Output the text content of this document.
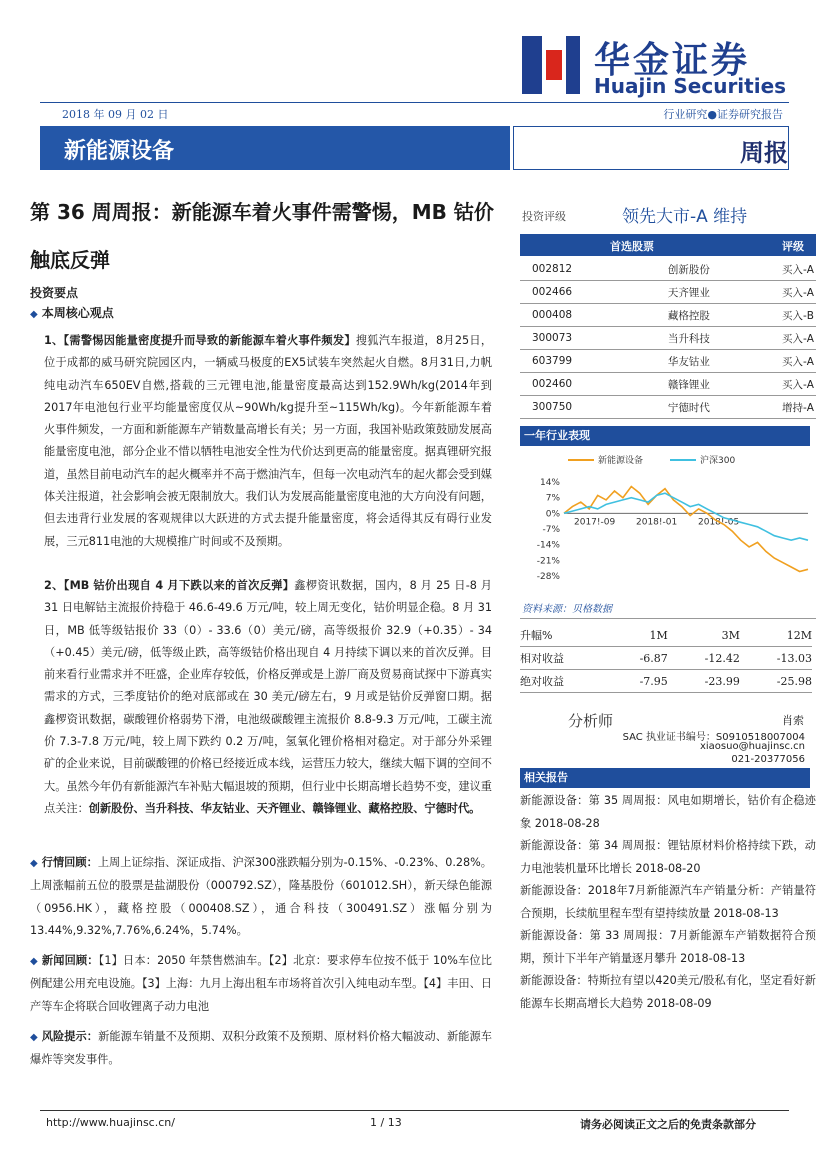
华金证券
Huajin Securities
2018 年 09 月 02 日	行业研究●证券研究报告
新能源设备	周报
第 36 周周报：新能源车着火事件需警惕，MB 钴价触底反弹
投资要点
◆ 本周核心观点
1、【需警惕因能量密度提升而导致的新能源车着火事件频发】搜狐汽车报道，8月25日，位于成都的威马研究院园区内，一辆威马极度的EX5试装车突然起火自燃。8月31日,力帆纯电动汽车650EV自燃,搭载的三元锂电池,能量密度最高达到152.9Wh/kg(2014年到2017年电池包行业平均能量密度仅从~90Wh/kg提升至~115Wh/kg)。今年新能源车着火事件频发，一方面和新能源车产销数量高增长有关；另一方面，我国补贴政策鼓励发展高能量密度电池，部分企业不惜以牺牲电池安全性为代价达到更高的能量密度。据真锂研究报道，虽然目前电动汽车的起火概率并不高于燃油汽车，但每一次电动汽车的起火都会受到媒体关注报道，社会影响会被无限制放大。我们认为发展高能量密度电池的大方向没有问题，但去违背行业发展的客观规律以大跃进的方式去提升能量密度，将会适得其反有碍行业发展，三元811电池的大规模推广时间或不及预期。
2、【MB 钴价出现自 4 月下跌以来的首次反弹】鑫椤资讯数据，国内，8 月 25 日-8 月 31 日电解钴主流报价持稳于 46.6-49.6 万元/吨，较上周无变化，钴价明显企稳。8 月 31 日，MB 低等级钴报价 33（0）- 33.6（0）美元/磅，高等级报价 32.9（+0.35）- 34（+0.45）美元/磅，低等级止跌，高等级钴价格出现自 4 月持续下调以来的首次反弹。目前来看行业需求并不旺盛，企业库存较低，价格反弹或是上游厂商及贸易商试探中下游真实需求的方式，三季度钴价的绝对底部或在 30 美元/磅左右，9 月或是钴价反弹窗口期。据鑫椤资讯数据，碳酸锂价格弱势下滑，电池级碳酸锂主流报价 8.8-9.3 万元/吨，工碳主流价 7.3-7.8 万元/吨，较上周下跌约 0.2 万/吨，氢氧化锂价格相对稳定。对于部分外采锂矿的企业来说，目前碳酸锂的价格已经接近成本线，运营压力较大，继续大幅下调的空间不大。虽然今年仍有新能源汽车补贴大幅退坡的预期，但行业中长期高增长趋势不变，建议重点关注：创新股份、当升科技、华友钴业、天齐锂业、赣锋锂业、藏格控股、宁德时代。
◆ 行情回顾：上周上证综指、深证成指、沪深300涨跌幅分别为-0.15%、-0.23%、0.28%。上周涨幅前五位的股票是盐湖股份（000792.SZ），隆基股份（601012.SH），新天绿色能源（0956.HK），藏格控股（000408.SZ），通合科技（300491.SZ）涨幅分别为 13.44%,9.32%,7.76%,6.24%，5.74%。
◆ 新闻回顾：【1】日本：2050 年禁售燃油车。【2】北京：要求停车位按不低于 10%车位比例配建公用充电设施。【3】上海：九月上海出租车市场将首次引入纯电动车型。【4】丰田、日产等车企将联合回收锂离子动力电池
◆ 风险提示：新能源车销量不及预期、双积分政策不及预期、原材料价格大幅波动、新能源车爆炸等突发事件。
投资评级	领先大市-A 维持
首选股票	评级
002812	创新股份	买入-A
002466	天齐锂业	买入-A
000408	藏格控股	买入-B
300073	当升科技	买入-A
603799	华友钴业	买入-A
002460	赣锋锂业	买入-A
300750	宁德时代	增持-A
一年行业表现
新能源设备	沪深300
14%
7%
0%
-7%
-14%
-21%
-28%
2017!-09 2018!-01 2018!-05
资料来源：贝格数据
升幅%	1M	3M	12M
相对收益	-6.87	-12.42	-13.03
绝对收益	-7.95	-23.99	-25.98
分析师	肖索
SAC 执业证书编号：S0910518007004
xiaosuo@huajinsc.cn
021-20377056
相关报告
新能源设备：第 35 周周报：风电如期增长，钴价有企稳迹象 2018-08-28
新能源设备：第 34 周周报：锂钴原材料价格持续下跌，动力电池装机量环比增长 2018-08-20
新能源设备：2018年7月新能源汽车产销量分析：产销量符合预期，长续航里程车型有望持续放量 2018-08-13
新能源设备：第 33 周周报：7月新能源车产销数据符合预期，预计下半年产销量逐月攀升 2018-08-13
新能源设备：特斯拉有望以420美元/股私有化，坚定看好新能源车长期高增长大趋势 2018-08-09
http://www.huajinsc.cn/	1 / 13	请务必阅读正文之后的免责条款部分
